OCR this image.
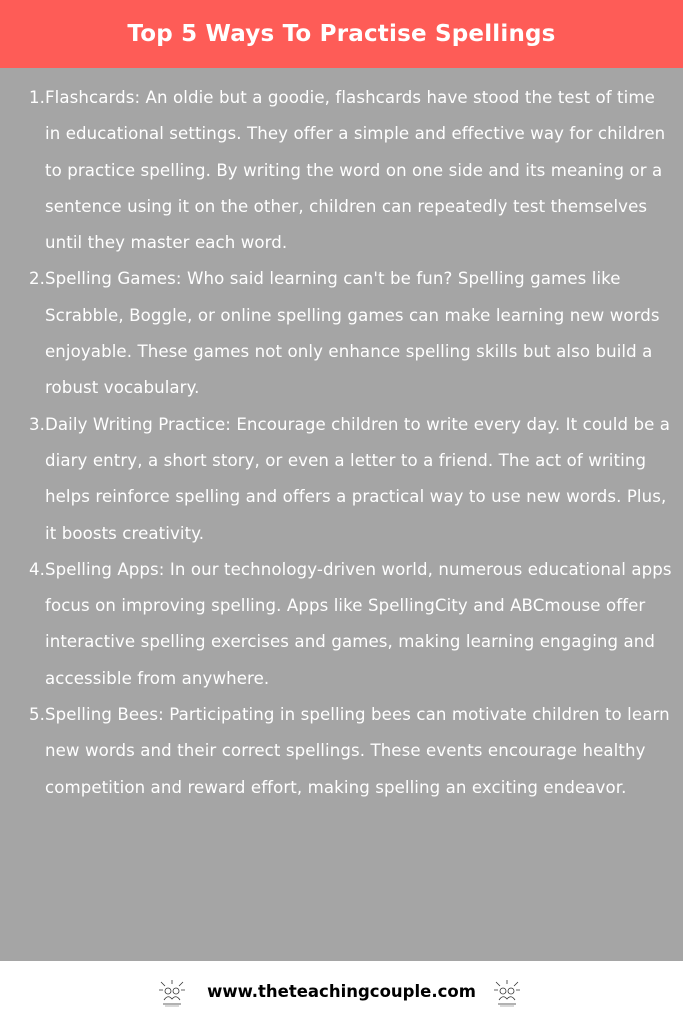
Top 5 Ways To Practise Spellings
1. Flashcards: An oldie but a goodie, flashcards have stood the test of time in educational settings. They offer a simple and effective way for children to practice spelling. By writing the word on one side and its meaning or a sentence using it on the other, children can repeatedly test themselves until they master each word.
2. Spelling Games: Who said learning can't be fun? Spelling games like Scrabble, Boggle, or online spelling games can make learning new words enjoyable. These games not only enhance spelling skills but also build a robust vocabulary.
3. Daily Writing Practice: Encourage children to write every day. It could be a diary entry, a short story, or even a letter to a friend. The act of writing helps reinforce spelling and offers a practical way to use new words. Plus, it boosts creativity.
4. Spelling Apps: In our technology-driven world, numerous educational apps focus on improving spelling. Apps like SpellingCity and ABCmouse offer interactive spelling exercises and games, making learning engaging and accessible from anywhere.
5. Spelling Bees: Participating in spelling bees can motivate children to learn new words and their correct spellings. These events encourage healthy competition and reward effort, making spelling an exciting endeavor.
www.theteachingcouple.com
